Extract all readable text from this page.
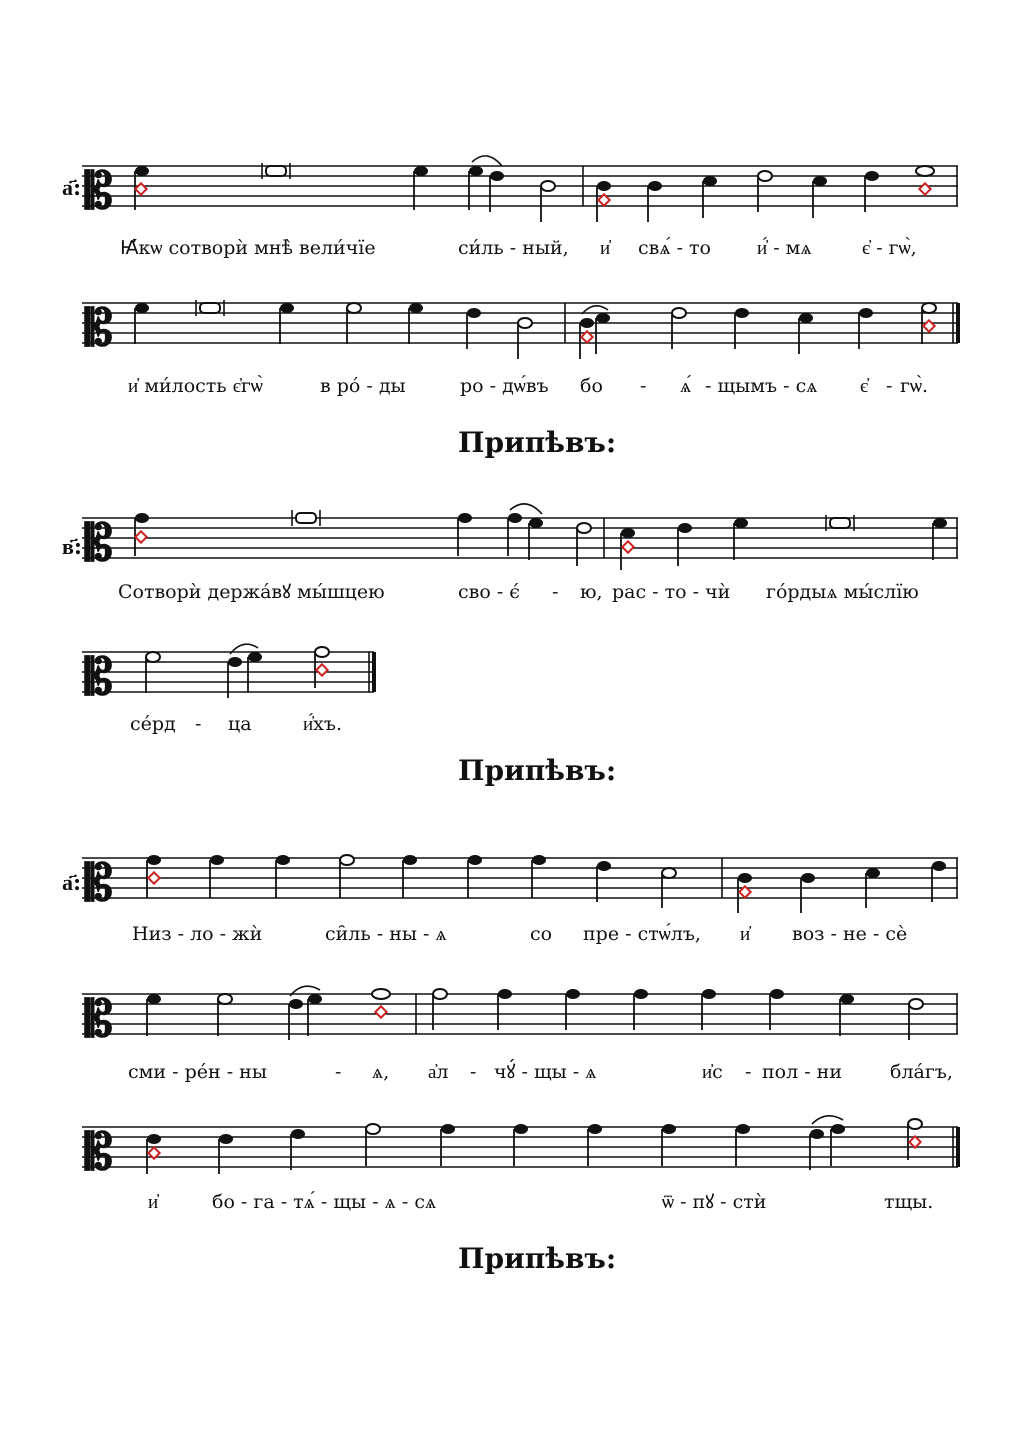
а҃: 𝄡
Ꙗ҆́кѡ сотворѝ мнѣ̀ вели́чїе	си́ль - ный, и҆ свѧ́ - то и҆́ - мѧ	є҆ - гѡ̀,
𝄡
и҆ ми́лость є҆гѡ̀	в ро́ - ды	ро - дѡ́въ бо - ѧ́ - щымъ - сѧ є҆ - гѡ̀.
Припѣвъ:
в҃: 𝄡
Сотворѝ держа́вꙋ мы́шцею	сво - є́ - ю, рас - то - чѝ го́рдыѧ мы́слїю
𝄡
се́рд - ца	и҆́хъ.
Припѣвъ:
а҃: 𝄡
Низ - ло - жѝ	си̑ль - ны - ѧ	со пре - стѡ́лъ, и҆ воз - не - сѐ
𝄡
сми - ре́н - ны	- ѧ, а҆л - чꙋ́ - щы - ѧ	и҆с - пол - ни	бла́гъ,
𝄡
и҆	бо - га - тѧ́ - щы - ѧ - сѧ	ѿ - пꙋ - стѝ	тщы.
Припѣвъ:
